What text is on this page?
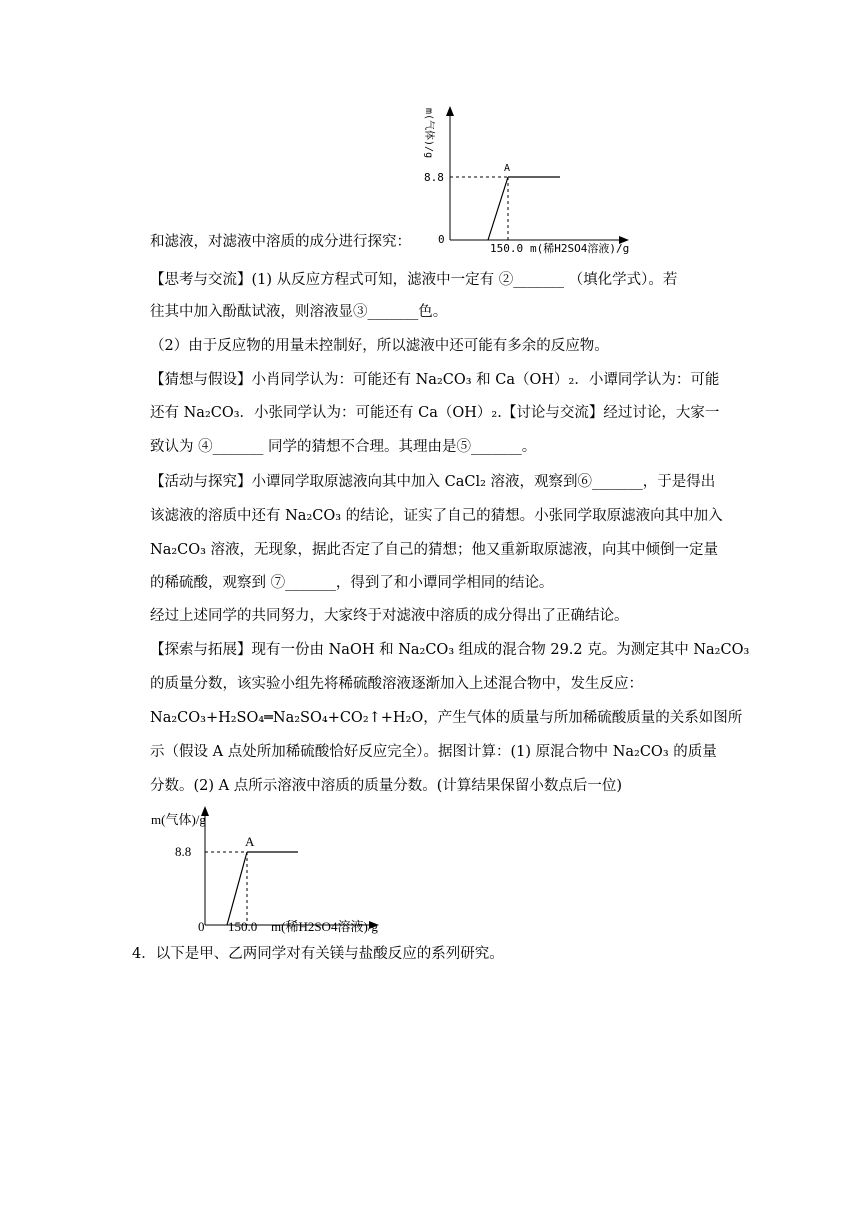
0
8.8
A
150.0 m(稀H2SO4溶液)/g
m(气体)/g
8.8
A
0 150.0 m(稀H2SO4溶液)/g
m(气体)/g
和滤液，对滤液中溶质的成分进行探究：
【思考与交流】(1) 从反应方程式可知，滤液中一定有 ②_______ （填化学式）。若
往其中加入酚酞试液，则溶液显③_______色。
（2）由于反应物的用量未控制好，所以滤液中还可能有多余的反应物。
【猜想与假设】小肖同学认为：可能还有 Na₂CO₃ 和 Ca（OH）₂．小谭同学认为：可能
还有 Na₂CO₃．小张同学认为：可能还有 Ca（OH）₂.【讨论与交流】经过讨论，大家一
致认为 ④_______ 同学的猜想不合理。其理由是⑤_______。
【活动与探究】小谭同学取原滤液向其中加入 CaCl₂ 溶液，观察到⑥_______，于是得出
该滤液的溶质中还有 Na₂CO₃ 的结论，证实了自己的猜想。小张同学取原滤液向其中加入
Na₂CO₃ 溶液，无现象，据此否定了自己的猜想；他又重新取原滤液，向其中倾倒一定量
的稀硫酸，观察到 ⑦_______，得到了和小谭同学相同的结论。
经过上述同学的共同努力，大家终于对滤液中溶质的成分得出了正确结论。
【探索与拓展】现有一份由 NaOH 和 Na₂CO₃ 组成的混合物 29.2 克。为测定其中 Na₂CO₃
的质量分数，该实验小组先将稀硫酸溶液逐渐加入上述混合物中，发生反应：
Na₂CO₃+H₂SO₄═Na₂SO₄+CO₂↑+H₂O，产生气体的质量与所加稀硫酸质量的关系如图所
示（假设 A 点处所加稀硫酸恰好反应完全）。据图计算：(1) 原混合物中 Na₂CO₃ 的质量
分数。(2) A 点所示溶液中溶质的质量分数。(计算结果保留小数点后一位)
4．以下是甲、乙两同学对有关镁与盐酸反应的系列研究。
